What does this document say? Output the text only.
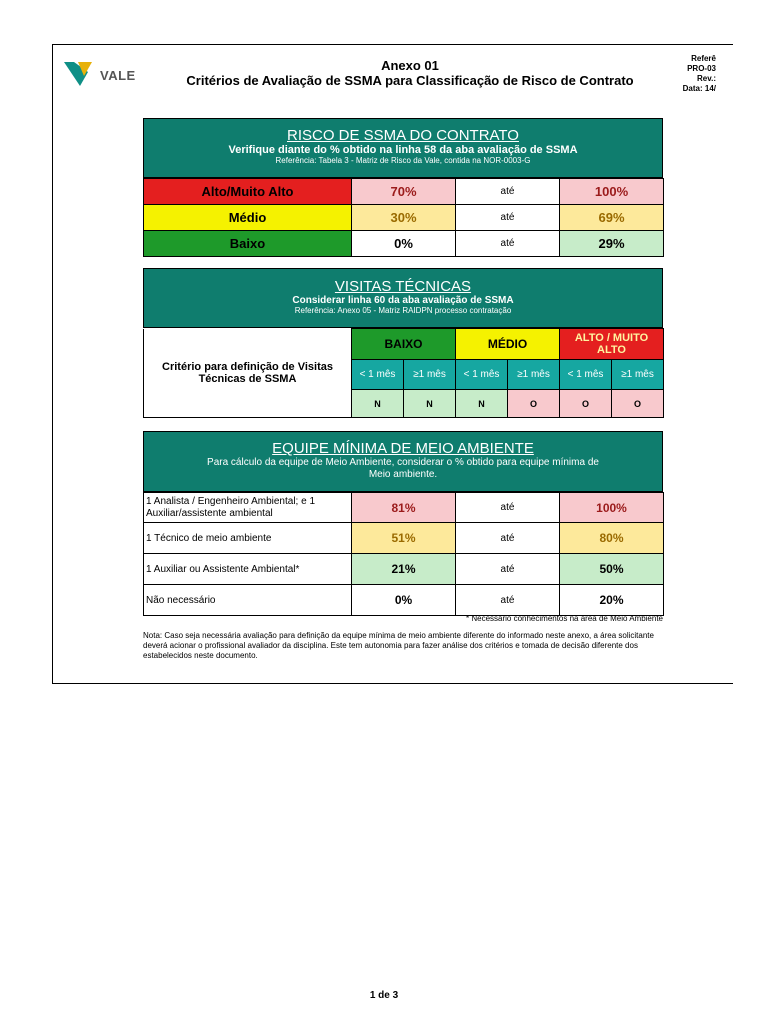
VALE
Anexo 01
Critérios de Avaliação de SSMA para Classificação de Risco de Contrato
Referê
PRO-03
Rev.:
Data: 14/
RISCO DE SSMA DO CONTRATO
Verifique diante do % obtido na linha 58 da aba avaliação de SSMA
Referência: Tabela 3 - Matriz de Risco da Vale, contida na NOR-0003-G
Alto/Muito Alto	70%	até	100%
Médio	30%	até	69%
Baixo	0%	até	29%
VISITAS TÉCNICAS
Considerar linha 60 da aba avaliação de SSMA
Referência: Anexo 05 - Matriz RAIDPN processo contratação
Critério para definição de Visitas Técnicas de SSMA	BAIXO		MÉDIO		ALTO / MUITO ALTO	
	< 1 mês	≥1 mês	< 1 mês	≥1 mês	< 1 mês	≥1 mês
	N	N	N	O	O	O
EQUIPE MÍNIMA DE MEIO AMBIENTE
Para cálculo da equipe de Meio Ambiente, considerar o % obtido para equipe mínima de Meio ambiente.
1 Analista / Engenheiro Ambiental; e 1 Auxiliar/assistente ambiental	81%	até	100%
1 Técnico de meio ambiente	51%	até	80%
1 Auxiliar ou Assistente Ambiental*	21%	até	50%
Não necessário	0%	até	20%
* Necessário conhecimentos na área de Meio Ambiente
Nota: Caso seja necessária avaliação para definição da equipe mínima de meio ambiente diferente do informado neste anexo, a área solicitante deverá acionar o profissional avaliador da disciplina. Este tem autonomia para fazer análise dos critérios e tomada de decisão diferente dos estabelecidos neste documento.
1 de 3
